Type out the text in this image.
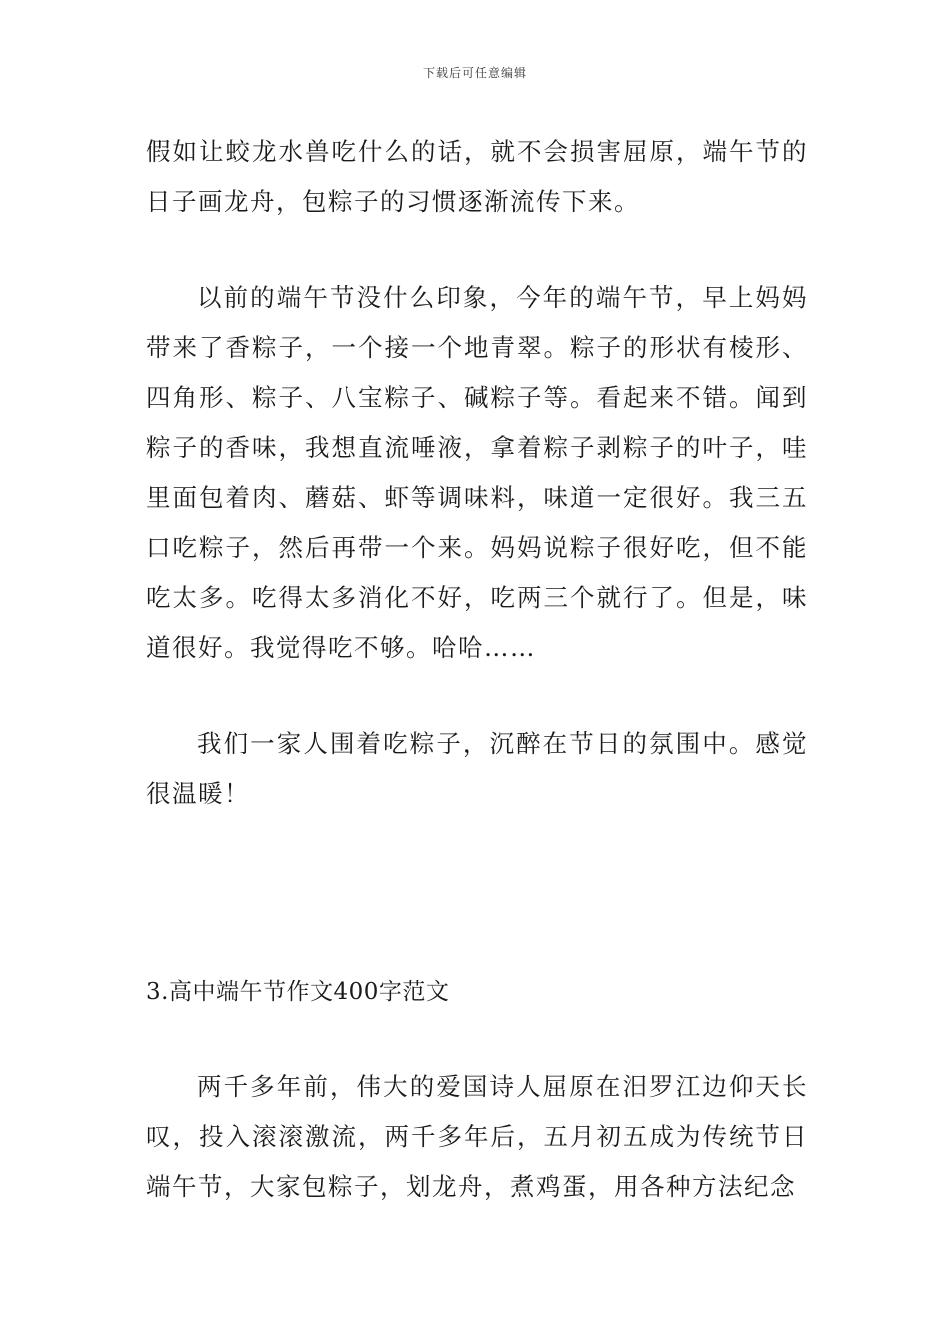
下载后可任意编辑

假如让蛟龙水兽吃什么的话，就不会损害屈原，端午节的日子画龙舟，包粽子的习惯逐渐流传下来。

以前的端午节没什么印象，今年的端午节，早上妈妈带来了香粽子，一个接一个地青翠。粽子的形状有棱形、四角形、粽子、八宝粽子、碱粽子等。看起来不错。闻到粽子的香味，我想直流唾液，拿着粽子剥粽子的叶子，哇里面包着肉、蘑菇、虾等调味料，味道一定很好。我三五口吃粽子，然后再带一个来。妈妈说粽子很好吃，但不能吃太多。吃得太多消化不好，吃两三个就行了。但是，味道很好。我觉得吃不够。哈哈……

我们一家人围着吃粽子，沉醉在节日的氛围中。感觉很温暖！

3.高中端午节作文400字范文

两千多年前，伟大的爱国诗人屈原在汨罗江边仰天长叹，投入滚滚激流，两千多年后，五月初五成为传统节日端午节，大家包粽子，划龙舟，煮鸡蛋，用各种方法纪念
